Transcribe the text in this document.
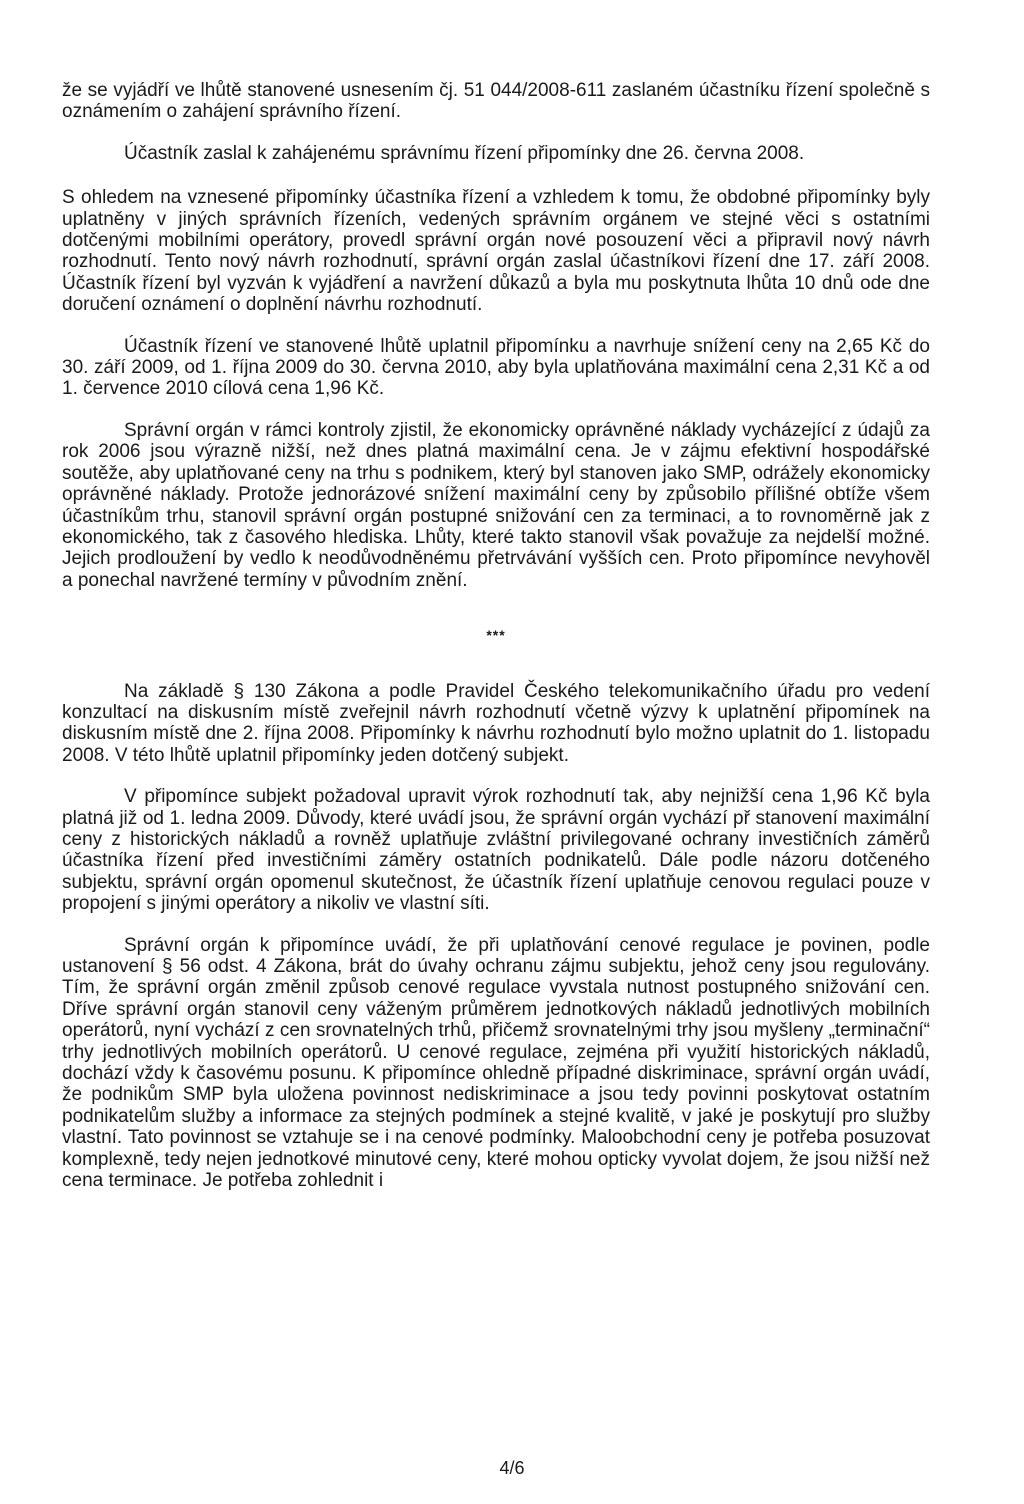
že se vyjádří ve lhůtě stanovené usnesením čj. 51 044/2008-611 zaslaném účastníku řízení společně s oznámením o zahájení správního řízení.

Účastník zaslal k zahájenému správnímu řízení připomínky dne 26. června 2008.

S ohledem na vznesené připomínky účastníka řízení a vzhledem k tomu, že obdobné připomínky byly uplatněny v jiných správních řízeních, vedených správním orgánem ve stejné věci s ostatními dotčenými mobilními operátory, provedl správní orgán nové posouzení věci a připravil nový návrh rozhodnutí. Tento nový návrh rozhodnutí, správní orgán zaslal účastníkovi řízení dne 17. září 2008. Účastník řízení byl vyzván k vyjádření a navržení důkazů a byla mu poskytnuta lhůta 10 dnů ode dne doručení oznámení o doplnění návrhu rozhodnutí.

Účastník řízení ve stanovené lhůtě uplatnil připomínku a navrhuje snížení ceny na 2,65 Kč do 30. září 2009, od 1. října 2009 do 30. června 2010, aby byla uplatňována maximální cena 2,31 Kč a od 1. července 2010 cílová cena 1,96 Kč.

Správní orgán v rámci kontroly zjistil, že ekonomicky oprávněné náklady vycházející z údajů za rok 2006 jsou výrazně nižší, než dnes platná maximální cena. Je v zájmu efektivní hospodářské soutěže, aby uplatňované ceny na trhu s podnikem, který byl stanoven jako SMP, odrážely ekonomicky oprávněné náklady. Protože jednorázové snížení maximální ceny by způsobilo přílišné obtíže všem účastníkům trhu, stanovil správní orgán postupné snižování cen za terminaci, a to rovnoměrně jak z ekonomického, tak z časového hlediska. Lhůty, které takto stanovil však považuje za nejdelší možné. Jejich prodloužení by vedlo k neodůvodněnému přetrvávání vyšších cen. Proto připomínce nevyhověl a ponechal navržené termíny v původním znění.

***

Na základě § 130 Zákona a podle Pravidel Českého telekomunikačního úřadu pro vedení konzultací na diskusním místě zveřejnil návrh rozhodnutí včetně výzvy k uplatnění připomínek na diskusním místě dne 2. října 2008. Připomínky k návrhu rozhodnutí bylo možno uplatnit do 1. listopadu 2008. V této lhůtě uplatnil připomínky jeden dotčený subjekt.

V připomínce subjekt požadoval upravit výrok rozhodnutí tak, aby nejnižší cena 1,96 Kč byla platná již od 1. ledna 2009. Důvody, které uvádí jsou, že správní orgán vychází př stanovení maximální ceny z historických nákladů a rovněž uplatňuje zvláštní privilegované ochrany investičních záměrů účastníka řízení před investičními záměry ostatních podnikatelů. Dále podle názoru dotčeného subjektu, správní orgán opomenul skutečnost, že účastník řízení uplatňuje cenovou regulaci pouze v propojení s jinými operátory a nikoliv ve vlastní síti.

Správní orgán k připomínce uvádí, že při uplatňování cenové regulace je povinen, podle ustanovení § 56 odst. 4 Zákona, brát do úvahy ochranu zájmu subjektu, jehož ceny jsou regulovány. Tím, že správní orgán změnil způsob cenové regulace vyvstala nutnost postupného snižování cen. Dříve správní orgán stanovil ceny váženým průměrem jednotkových nákladů jednotlivých mobilních operátorů, nyní vychází z cen srovnatelných trhů, přičemž srovnatelnými trhy jsou myšleny „terminační“ trhy jednotlivých mobilních operátorů. U cenové regulace, zejména při využití historických nákladů, dochází vždy k časovému posunu. K připomínce ohledně případné diskriminace, správní orgán uvádí, že podnikům SMP byla uložena povinnost nediskriminace a jsou tedy povinni poskytovat ostatním podnikatelům služby a informace za stejných podmínek a stejné kvalitě, v jaké je poskytují pro služby vlastní. Tato povinnost se vztahuje se i na cenové podmínky. Maloobchodní ceny je potřeba posuzovat komplexně, tedy nejen jednotkové minutové ceny, které mohou opticky vyvolat dojem, že jsou nižší než cena terminace. Je potřeba zohlednit i

4/6
